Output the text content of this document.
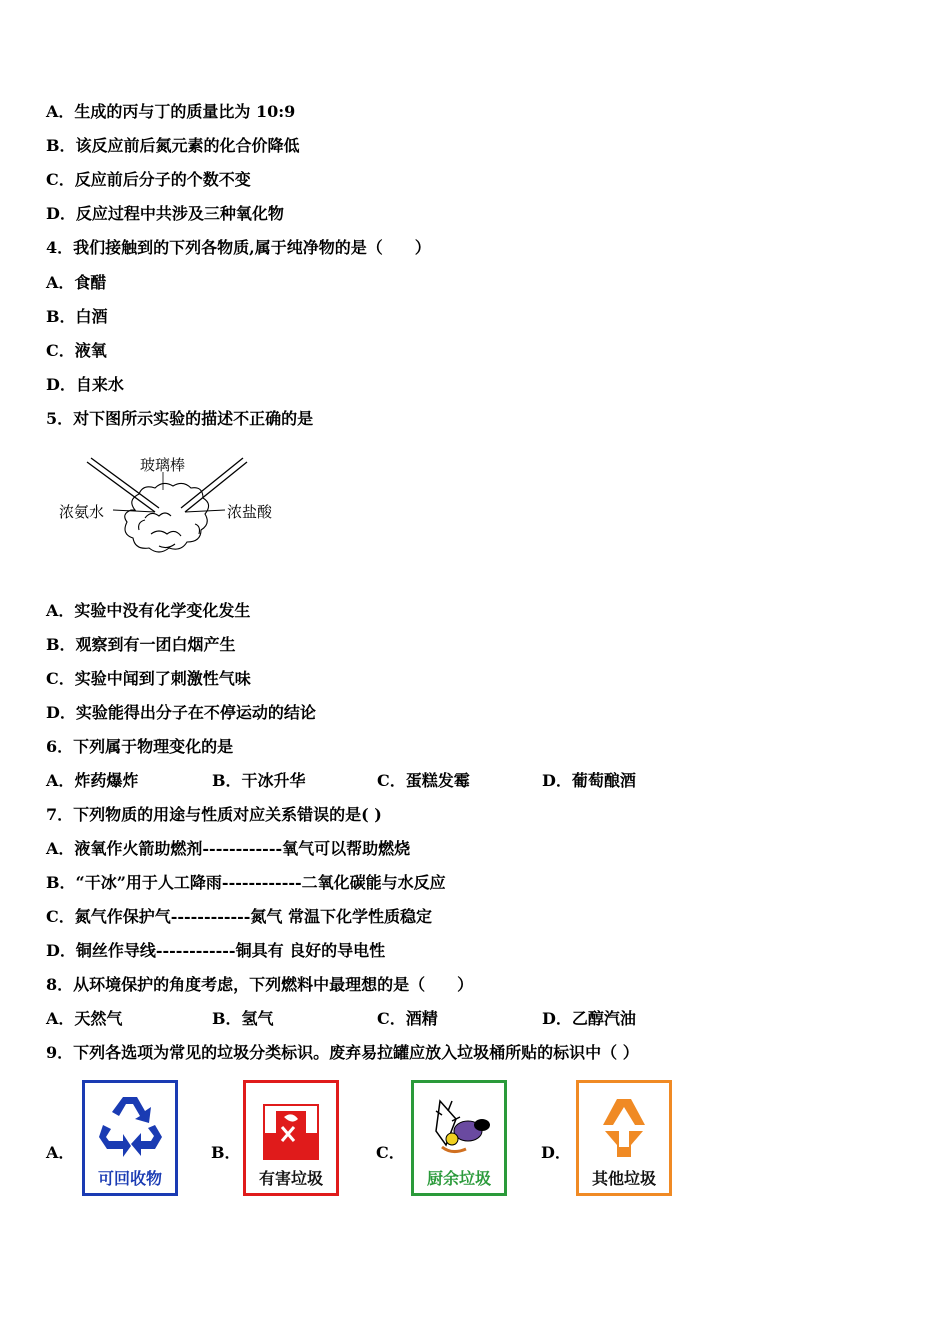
A．生成的丙与丁的质量比为 10:9
B．该反应前后氮元素的化合价降低
C．反应前后分子的个数不变
D．反应过程中共涉及三种氧化物
4．我们接触到的下列各物质,属于纯净物的是（　　）
A．食醋
B．白酒
C．液氧
D．自来水
5．对下图所示实验的描述不正确的是
玻璃棒
浓氨水	浓盐酸
A．实验中没有化学变化发生
B．观察到有一团白烟产生
C．实验中闻到了刺激性气味
D．实验能得出分子在不停运动的结论
6．下列属于物理变化的是
A．炸药爆炸	B．干冰升华	C．蛋糕发霉	D．葡萄酿酒
7．下列物质的用途与性质对应关系错误的是( )
A．液氧作火箭助燃剂------------氧气可以帮助燃烧
B．“干冰”用于人工降雨------------二氧化碳能与水反应
C．氮气作保护气------------氮气 常温下化学性质稳定
D．铜丝作导线------------铜具有 良好的导电性
8．从环境保护的角度考虑，下列燃料中最理想的是（　　）
A．天然气	B．氢气	C．酒精	D．乙醇汽油
9．下列各选项为常见的垃圾分类标识。废弃易拉罐应放入垃圾桶所贴的标识中（ ）
A．
可回收物
B．
有害垃圾
C．
厨余垃圾
D．
其他垃圾
